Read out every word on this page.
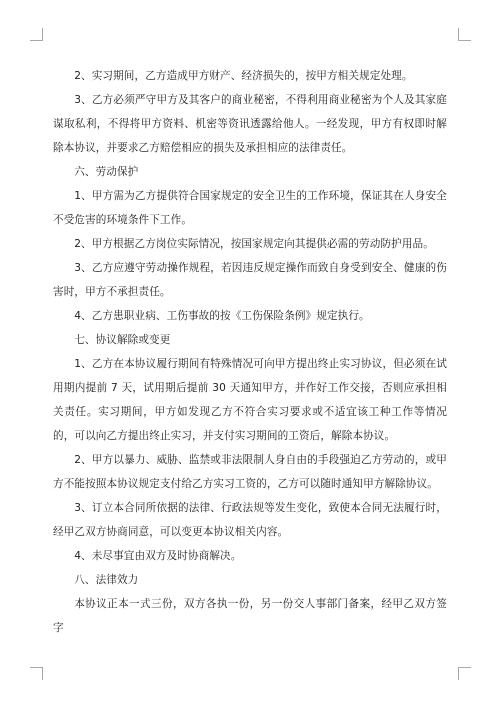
2、实习期间，乙方造成甲方财产、经济损失的，按甲方相关规定处理。

3、乙方必须严守甲方及其客户的商业秘密，不得利用商业秘密为个人及其家庭谋取私利，不得将甲方资料、机密等资讯透露给他人。一经发现，甲方有权即时解除本协议，并要求乙方赔偿相应的损失及承担相应的法律责任。

六、劳动保护

1、甲方需为乙方提供符合国家规定的安全卫生的工作环境，保证其在人身安全不受危害的环境条件下工作。

2、甲方根据乙方岗位实际情况，按国家规定向其提供必需的劳动防护用品。

3、乙方应遵守劳动操作规程，若因违反规定操作而致自身受到安全、健康的伤害时，甲方不承担责任。

4、乙方患职业病、工伤事故的按《工伤保险条例》规定执行。

七、协议解除或变更

1、乙方在本协议履行期间有特殊情况可向甲方提出终止实习协议，但必须在试用期内提前 7 天，试用期后提前 30 天通知甲方，并作好工作交接，否则应承担相关责任。实习期间，甲方如发现乙方不符合实习要求或不适宜该工种工作等情况的，可以向乙方提出终止实习，并支付实习期间的工资后，解除本协议。

2、甲方以暴力、威胁、监禁或非法限制人身自由的手段强迫乙方劳动的，或甲方不能按照本协议规定支付给乙方实习工资的，乙方可以随时通知甲方解除协议。

3、订立本合同所依据的法律、行政法规等发生变化，致使本合同无法履行时，经甲乙双方协商同意，可以变更本协议相关内容。

4、未尽事宜由双方及时协商解决。

八、法律效力

本协议正本一式三份，双方各执一份，另一份交人事部门备案，经甲乙双方签字
